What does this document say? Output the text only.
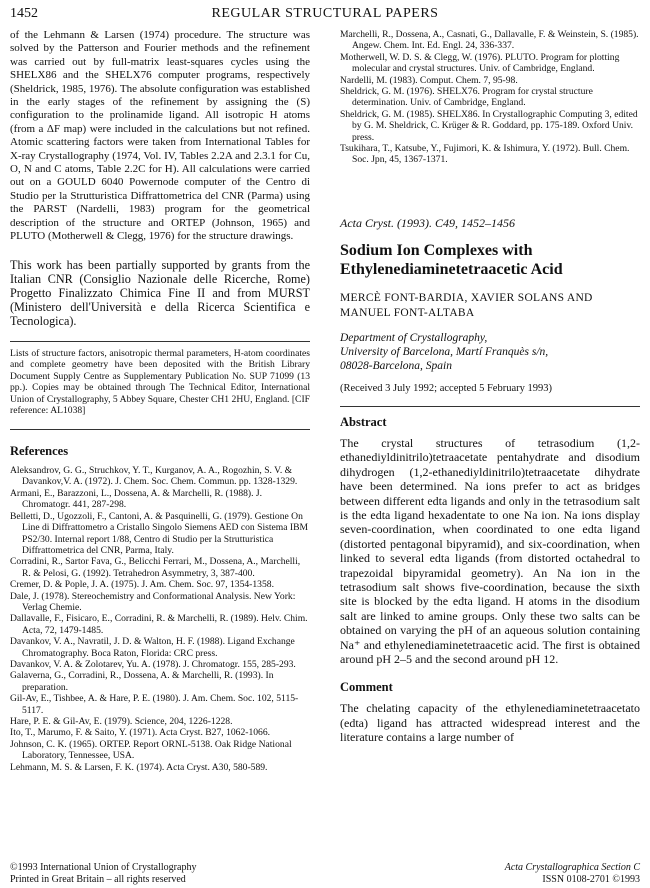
1452	REGULAR STRUCTURAL PAPERS

of the Lehmann & Larsen (1974) procedure. The structure was solved by the Patterson and Fourier methods and the refinement was carried out by full-matrix least-squares cycles using the SHELX86 and the SHELX76 computer programs, respectively (Sheldrick, 1985, 1976). The absolute configuration was established in the early stages of the refinement by assigning the (S) configuration to the prolinamide ligand. All isotropic H atoms (from a ΔF map) were included in the calculations but not refined. Atomic scattering factors were taken from International Tables for X-ray Crystallography (1974, Vol. IV, Tables 2.2A and 2.3.1 for Cu, O, N and C atoms, Table 2.2C for H). All calculations were carried out on a GOULD 6040 Powernode computer of the Centro di Studio per la Strutturistica Diffrattometrica del CNR (Parma) using the PARST (Nardelli, 1983) program for the geometrical description of the structure and ORTEP (Johnson, 1965) and PLUTO (Motherwell & Clegg, 1976) for the structure drawings.

This work has been partially supported by grants from the Italian CNR (Consiglio Nazionale delle Ricerche, Rome) Progetto Finalizzato Chimica Fine II and from MURST (Ministero dell'Università e della Ricerca Scientifica e Tecnologica).

Lists of structure factors, anisotropic thermal parameters, H-atom coordinates and complete geometry have been deposited with the British Library Document Supply Centre as Supplementary Publication No. SUP 71099 (13 pp.). Copies may be obtained through The Technical Editor, International Union of Crystallography, 5 Abbey Square, Chester CH1 2HU, England. [CIF reference: AL1038]

References

Aleksandrov, G. G., Struchkov, Y. T., Kurganov, A. A., Rogozhin, S. V. & Davankov,V. A. (1972). J. Chem. Soc. Chem. Commun. pp. 1328-1329.

Armani, E., Barazzoni, L., Dossena, A. & Marchelli, R. (1988). J. Chromatogr. 441, 287-298.

Belletti, D., Ugozzoli, F., Cantoni, A. & Pasquinelli, G. (1979). Gestione On Line di Diffrattometro a Cristallo Singolo Siemens AED con Sistema IBM PS2/30. Internal report 1/88, Centro di Studio per la Strutturistica Diffrattometrica del CNR, Parma, Italy.

Corradini, R., Sartor Fava, G., Belicchi Ferrari, M., Dossena, A., Marchelli, R. & Pelosi, G. (1992). Tetrahedron Asymmetry, 3, 387-400.

Cremer, D. & Pople, J. A. (1975). J. Am. Chem. Soc. 97, 1354-1358.

Dale, J. (1978). Stereochemistry and Conformational Analysis. New York: Verlag Chemie.

Dallavalle, F., Fisicaro, E., Corradini, R. & Marchelli, R. (1989). Helv. Chim. Acta, 72, 1479-1485.

Davankov, V. A., Navratil, J. D. & Walton, H. F. (1988). Ligand Exchange Chromatography. Boca Raton, Florida: CRC press.

Davankov, V. A. & Zolotarev, Yu. A. (1978). J. Chromatogr. 155, 285-293.

Galaverna, G., Corradini, R., Dossena, A. & Marchelli, R. (1993). In preparation.

Gil-Av, E., Tishbee, A. & Hare, P. E. (1980). J. Am. Chem. Soc. 102, 5115-5117.

Hare, P. E. & Gil-Av, E. (1979). Science, 204, 1226-1228.

Ito, T., Marumo, F. & Saito, Y. (1971). Acta Cryst. B27, 1062-1066.

Johnson, C. K. (1965). ORTEP. Report ORNL-5138. Oak Ridge National Laboratory, Tennessee, USA.

Lehmann, M. S. & Larsen, F. K. (1974). Acta Cryst. A30, 580-589.

Marchelli, R., Dossena, A., Casnati, G., Dallavalle, F. & Weinstein, S. (1985). Angew. Chem. Int. Ed. Engl. 24, 336-337.

Motherwell, W. D. S. & Clegg, W. (1976). PLUTO. Program for plotting molecular and crystal structures. Univ. of Cambridge, England.

Nardelli, M. (1983). Comput. Chem. 7, 95-98.

Sheldrick, G. M. (1976). SHELX76. Program for crystal structure determination. Univ. of Cambridge, England.

Sheldrick, G. M. (1985). SHELX86. In Crystallographic Computing 3, edited by G. M. Sheldrick, C. Krüger & R. Goddard, pp. 175-189. Oxford Univ. press.

Tsukihara, T., Katsube, Y., Fujimori, K. & Ishimura, Y. (1972). Bull. Chem. Soc. Jpn, 45, 1367-1371.

Acta Cryst. (1993). C49, 1452–1456
Sodium Ion Complexes with Ethylenediaminetetraacetic Acid
MERCÈ FONT-BARDIA, XAVIER SOLANS AND
MANUEL FONT-ALTABA
Department of Crystallography,
University of Barcelona, Martí Franquès s/n,
08028-Barcelona, Spain
(Received 3 July 1992; accepted 5 February 1993)
Abstract

The crystal structures of tetrasodium (1,2-ethanediyldinitrilo)tetraacetate pentahydrate and disodium dihydrogen (1,2-ethanediyldinitrilo)tetraacetate dihydrate have been determined. Na ions prefer to act as bridges between different edta ligands and only in the tetrasodium salt is the edta ligand hexadentate to one Na ion. Na ions display seven-coordination, when coordinated to one edta ligand (distorted pentagonal bipyramid), and six-coordination, when linked to several edta ligands (from distorted octahedral to trapezoidal bipyramidal geometry). An Na ion in the tetrasodium salt shows five-coordination, because the sixth site is blocked by the edta ligand. H atoms in the disodium salt are linked to amine groups. Only these two salts can be obtained on varying the pH of an aqueous solution containing Na⁺ and ethylenediaminetetraacetic acid. The first is obtained around pH 2–5 and the second around pH 12.

Comment

The chelating capacity of the ethylenediaminetetraacetato (edta) ligand has attracted widespread interest and the literature contains a large number of

©1993 International Union of Crystallography
Printed in Great Britain – all rights reserved
Acta Crystallographica Section C
ISSN 0108-2701 ©1993
